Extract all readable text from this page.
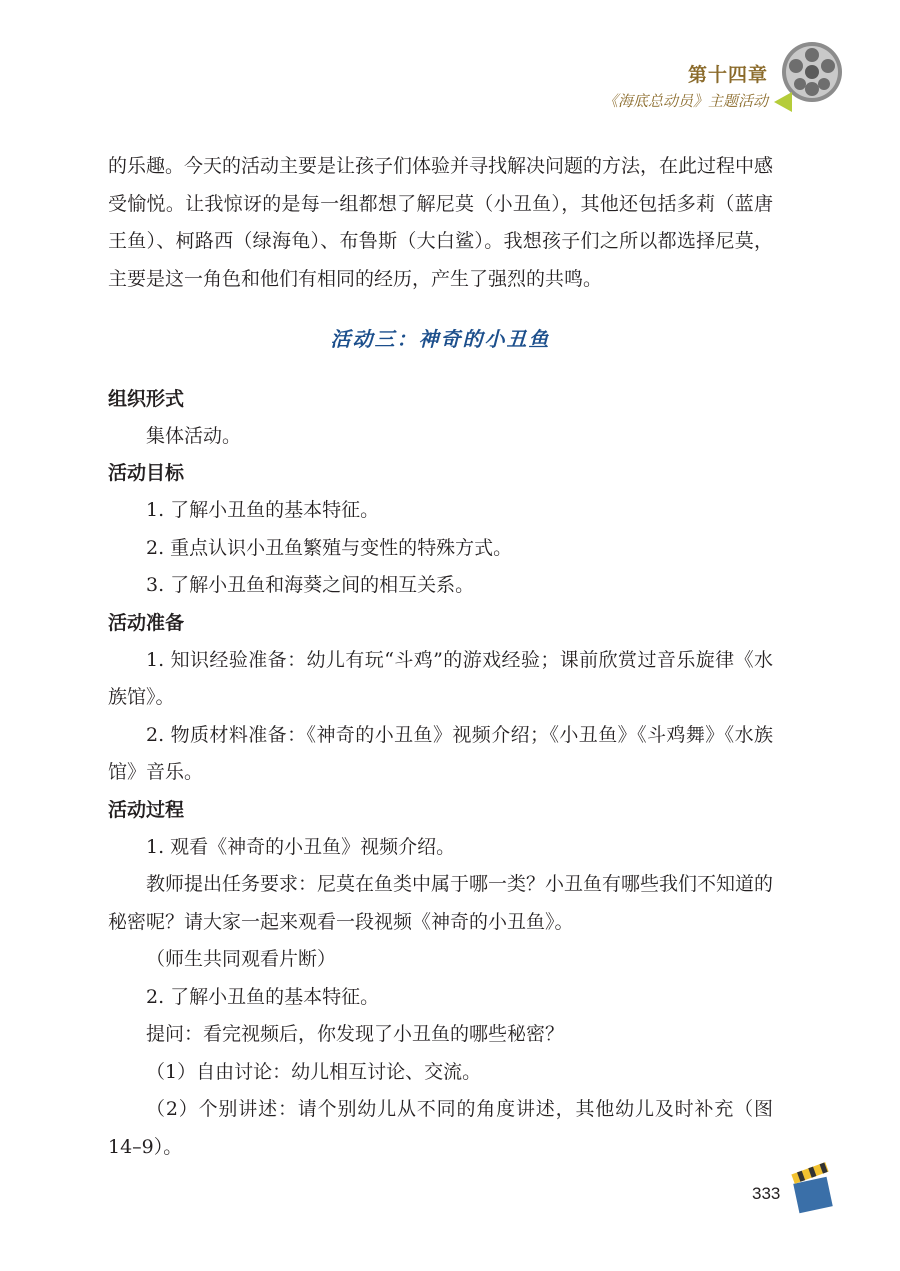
第十四章
《海底总动员》主题活动

的乐趣。今天的活动主要是让孩子们体验并寻找解决问题的方法，在此过程中感受愉悦。让我惊讶的是每一组都想了解尼莫（小丑鱼），其他还包括多莉（蓝唐王鱼）、柯路西（绿海龟）、布鲁斯（大白鲨）。我想孩子们之所以都选择尼莫，主要是这一角色和他们有相同的经历，产生了强烈的共鸣。

活动三：神奇的小丑鱼

组织形式

集体活动。

活动目标

1. 了解小丑鱼的基本特征。

2. 重点认识小丑鱼繁殖与变性的特殊方式。

3. 了解小丑鱼和海葵之间的相互关系。

活动准备

1. 知识经验准备：幼儿有玩“斗鸡”的游戏经验；课前欣赏过音乐旋律《水族馆》。

2. 物质材料准备：《神奇的小丑鱼》视频介绍；《小丑鱼》《斗鸡舞》《水族馆》音乐。

活动过程

1. 观看《神奇的小丑鱼》视频介绍。

教师提出任务要求：尼莫在鱼类中属于哪一类？小丑鱼有哪些我们不知道的秘密呢？请大家一起来观看一段视频《神奇的小丑鱼》。

（师生共同观看片断）

2. 了解小丑鱼的基本特征。

提问：看完视频后，你发现了小丑鱼的哪些秘密？

（1）自由讨论：幼儿相互讨论、交流。

（2）个别讲述：请个别幼儿从不同的角度讲述，其他幼儿及时补充（图14–9）。

333
